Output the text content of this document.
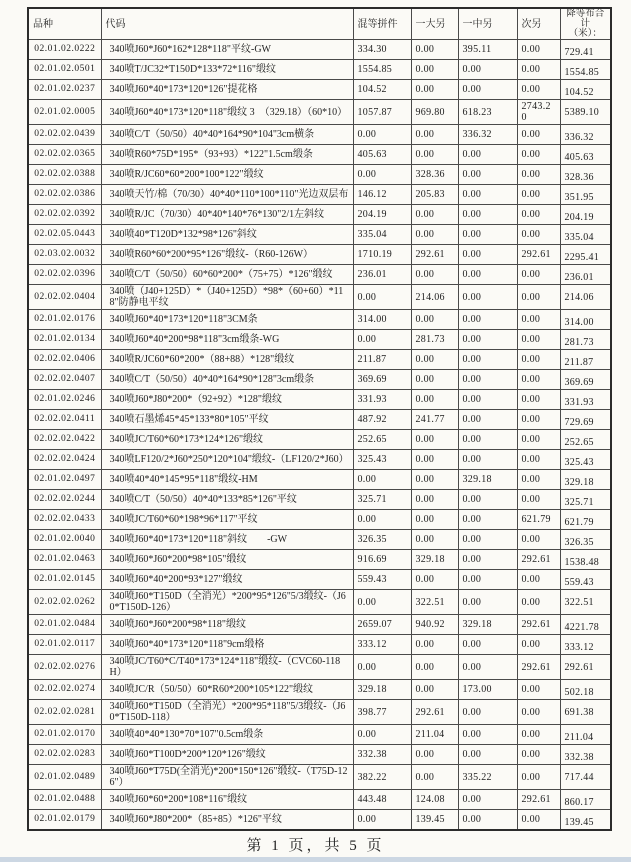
品种	代码	混等拼件	一大另	一中另	次另	降等布合计
（米）：

02.01.02.0222	340喷J60*J60*162*128*118"平纹-GW	334.30	0.00	395.11	0.00	729.41
02.01.02.0501	340喷T/JC32*T150D*133*72*116"缎纹	1554.85	0.00	0.00	0.00	1554.85
02.01.02.0237	340喷J60*40*173*120*126"提花格	104.52	0.00	0.00	0.00	104.52
02.01.02.0005	340喷J60*40*173*120*118"缎纹 3　（329.18）（60*10）	1057.87	969.80	618.23	2743.20	5389.10
02.02.02.0439	340喷C/T（50/50）40*40*164*90*104"3cm横条	0.00	0.00	336.32	0.00	336.32
02.02.02.0365	340喷R60*75D*195*（93+93）*122"1.5cm缎条	405.63	0.00	0.00	0.00	405.63
02.02.02.0388	340喷R/JC60*60*200*100*122"缎纹	0.00	328.36	0.00	0.00	328.36
02.02.02.0386	340喷天竹/棉（70/30）40*40*110*100*110"光边双层布	146.12	205.83	0.00	0.00	351.95
02.02.02.0392	340喷R/JC（70/30）40*40*140*76*130"2/1左斜纹	204.19	0.00	0.00	0.00	204.19
02.02.05.0443	340喷40*T120D*132*98*126"斜纹	335.04	0.00	0.00	0.00	335.04
02.03.02.0032	340喷R60*60*200*95*126"缎纹-（R60-126W）	1710.19	292.61	0.00	292.61	2295.41
02.02.02.0396	340喷C/T（50/50）60*60*200*（75+75）*126"缎纹	236.01	0.00	0.00	0.00	236.01
02.02.02.0404	340喷（J40+125D）*（J40+125D）*98*（60+60）*118"防静电平纹	0.00	214.06	0.00	0.00	214.06
02.01.02.0176	340喷J60*40*173*120*118"3CM条	314.00	0.00	0.00	0.00	314.00
02.01.02.0134	340喷J60*40*200*98*118"3cm缎条-WG	0.00	281.73	0.00	0.00	281.73
02.02.02.0406	340喷R/JC60*60*200*（88+88）*128"缎纹	211.87	0.00	0.00	0.00	211.87
02.02.02.0407	340喷C/T（50/50）40*40*164*90*128"3cm缎条	369.69	0.00	0.00	0.00	369.69
02.01.02.0246	340喷J60*J80*200*（92+92）*128"缎纹	331.93	0.00	0.00	0.00	331.93
02.02.02.0411	340喷石墨烯45*45*133*80*105"平纹	487.92	241.77	0.00	0.00	729.69
02.02.02.0422	340喷JC/T60*60*173*124*126"缎纹	252.65	0.00	0.00	0.00	252.65
02.02.02.0424	340喷LF120/2*J60*250*120*104"缎纹-（LF120/2*J60）	325.43	0.00	0.00	0.00	325.43
02.01.02.0497	340喷40*40*145*95*118"缎纹-HM	0.00	0.00	329.18	0.00	329.18
02.02.02.0244	340喷C/T（50/50）40*40*133*85*126"平纹	325.71	0.00	0.00	0.00	325.71
02.02.02.0433	340喷JC/T60*60*198*96*117"平纹	0.00	0.00	0.00	621.79	621.79
02.01.02.0040	340喷J60*40*173*120*118"斜纹　　-GW	326.35	0.00	0.00	0.00	326.35
02.01.02.0463	340喷J60*J60*200*98*105"缎纹	916.69	329.18	0.00	292.61	1538.48
02.01.02.0145	340喷J60*40*200*93*127"缎纹	559.43	0.00	0.00	0.00	559.43
02.02.02.0262	340喷J60*T150D（全消光）*200*95*126"5/3缎纹-（J60*T150D-126）	0.00	322.51	0.00	0.00	322.51
02.01.02.0484	340喷J60*J60*200*98*118"缎纹	2659.07	940.92	329.18	292.61	4221.78
02.01.02.0117	340喷J60*40*173*120*118"9cm缎格	333.12	0.00	0.00	0.00	333.12
02.02.02.0276	340喷JC/T60*C/T40*173*124*118"缎纹-（CVC60-118H）	0.00	0.00	0.00	292.61	292.61
02.02.02.0274	340喷JC/R（50/50）60*R60*200*105*122"缎纹	329.18	0.00	173.00	0.00	502.18
02.02.02.0281	340喷J60*T150D（全消光）*200*95*118"5/3缎纹-（J60*T150D-118）	398.77	292.61	0.00	0.00	691.38
02.01.02.0170	340喷40*40*130*70*107"0.5cm缎条	0.00	211.04	0.00	0.00	211.04
02.02.02.0283	340喷J60*T100D*200*120*126"缎纹	332.38	0.00	0.00	0.00	332.38
02.01.02.0489	340喷J60*T75D(全消光)*200*150*126"缎纹-（T75D-126"）	382.22	0.00	335.22	0.00	717.44
02.01.02.0488	340喷J60*60*200*108*116"缎纹	443.48	124.08	0.00	292.61	860.17
02.01.02.0179	340喷J60*J80*200*（85+85）*126"平纹	0.00	139.45	0.00	0.00	139.45
第 1 页，共 5 页
